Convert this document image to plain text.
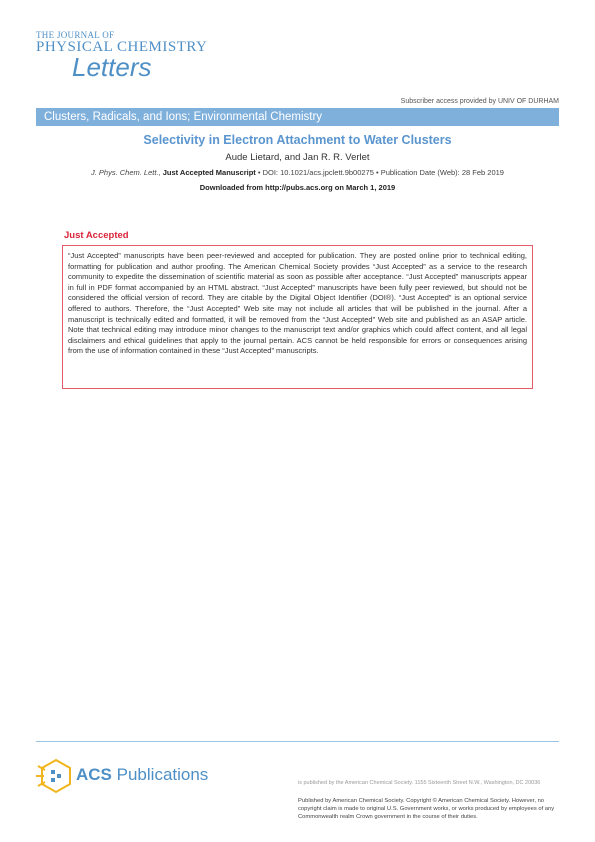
THE JOURNAL OF
PHYSICAL CHEMISTRY
Letters
Subscriber access provided by UNIV OF DURHAM
Clusters, Radicals, and Ions; Environmental Chemistry
Selectivity in Electron Attachment to Water Clusters
Aude Lietard, and Jan R. R. Verlet
J. Phys. Chem. Lett., Just Accepted Manuscript • DOI: 10.1021/acs.jpclett.9b00275 • Publication Date (Web): 28 Feb 2019
Downloaded from http://pubs.acs.org on March 1, 2019
Just Accepted

“Just Accepted” manuscripts have been peer-reviewed and accepted for publication. They are posted online prior to technical editing, formatting for publication and author proofing. The American Chemical Society provides “Just Accepted” as a service to the research community to expedite the dissemination of scientific material as soon as possible after acceptance. “Just Accepted” manuscripts appear in full in PDF format accompanied by an HTML abstract. “Just Accepted” manuscripts have been fully peer reviewed, but should not be considered the official version of record. They are citable by the Digital Object Identifier (DOI®). “Just Accepted” is an optional service offered to authors. Therefore, the “Just Accepted” Web site may not include all articles that will be published in the journal. After a manuscript is technically edited and formatted, it will be removed from the “Just Accepted” Web site and published as an ASAP article. Note that technical editing may introduce minor changes to the manuscript text and/or graphics which could affect content, and all legal disclaimers and ethical guidelines that apply to the journal pertain. ACS cannot be held responsible for errors or consequences arising from the use of information contained in these “Just Accepted” manuscripts.

ACS Publications	is published by the American Chemical Society. 1155 Sixteenth Street N.W., Washington, DC 20036
Published by American Chemical Society. Copyright © American Chemical Society. However, no copyright claim is made to original U.S. Government works, or works produced by employees of any Commonwealth realm Crown government in the course of their duties.
